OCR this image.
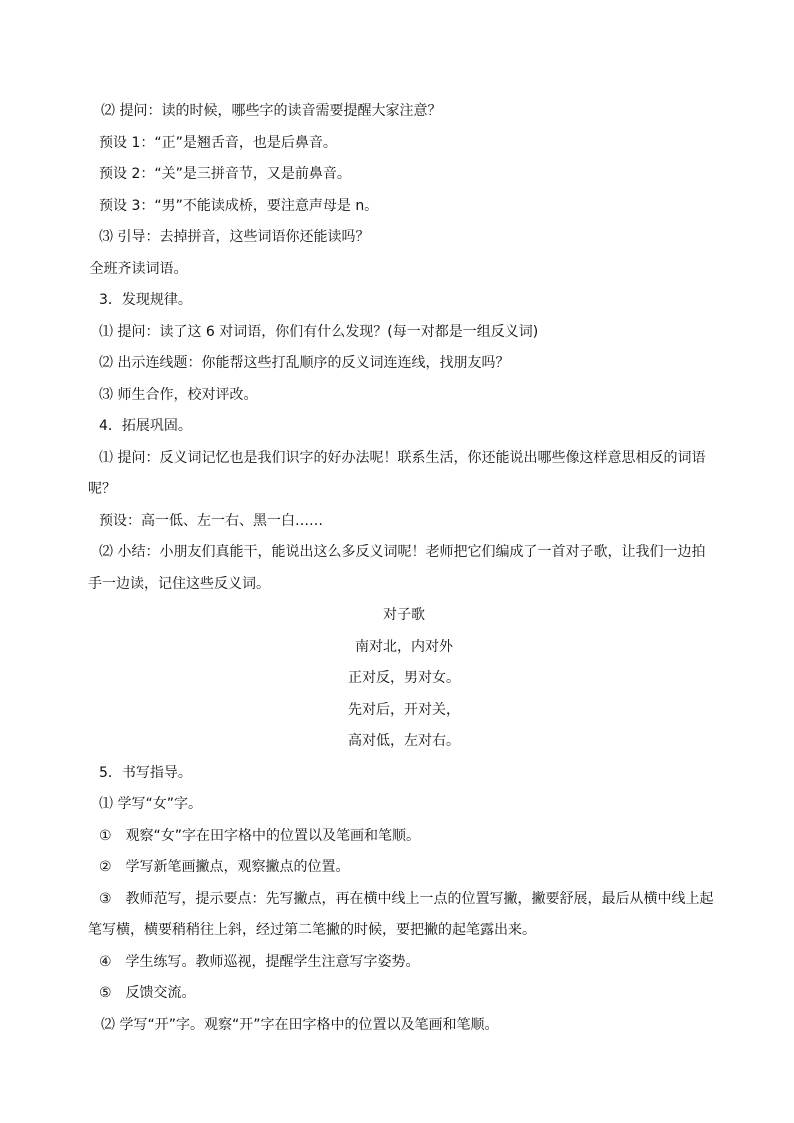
⑵ 提问：读的时候，哪些字的读音需要提醒大家注意？
预设 1：“正”是翘舌音，也是后鼻音。
预设 2：“关”是三拼音节，又是前鼻音。
预设 3：“男”不能读成桥，要注意声母是 n。
⑶ 引导：去掉拼音，这些词语你还能读吗？
全班齐读词语。
3．发现规律。
⑴ 提问：读了这 6 对词语，你们有什么发现？(每一对都是一组反义词)
⑵ 出示连线题：你能帮这些打乱顺序的反义词连连线，找朋友吗？
⑶ 师生合作，校对评改。
4．拓展巩固。
⑴ 提问：反义词记忆也是我们识字的好办法呢！联系生活，你还能说出哪些像这样意思相反的词语
呢？
预设：高一低、左一右、黑一白……
⑵ 小结：小朋友们真能干，能说出这么多反义词呢！老师把它们编成了一首对子歌，让我们一边拍
手一边读，记住这些反义词。
对子歌
南对北，内对外
正对反，男对女。
先对后，开对关，
高对低，左对右。
5．书写指导。
⑴ 学写“女”字。
①　观察“女”字在田字格中的位置以及笔画和笔顺。
②　学写新笔画撇点，观察撇点的位置。
③　教师范写，提示要点：先写撇点，再在横中线上一点的位置写撇，撇要舒展，最后从横中线上起
笔写横，横要稍稍往上斜，经过第二笔撇的时候，要把撇的起笔露出来。
④　学生练写。教师巡视，提醒学生注意写字姿势。
⑤　反馈交流。
⑵ 学写“开”字。观察“开”字在田字格中的位置以及笔画和笔顺。
